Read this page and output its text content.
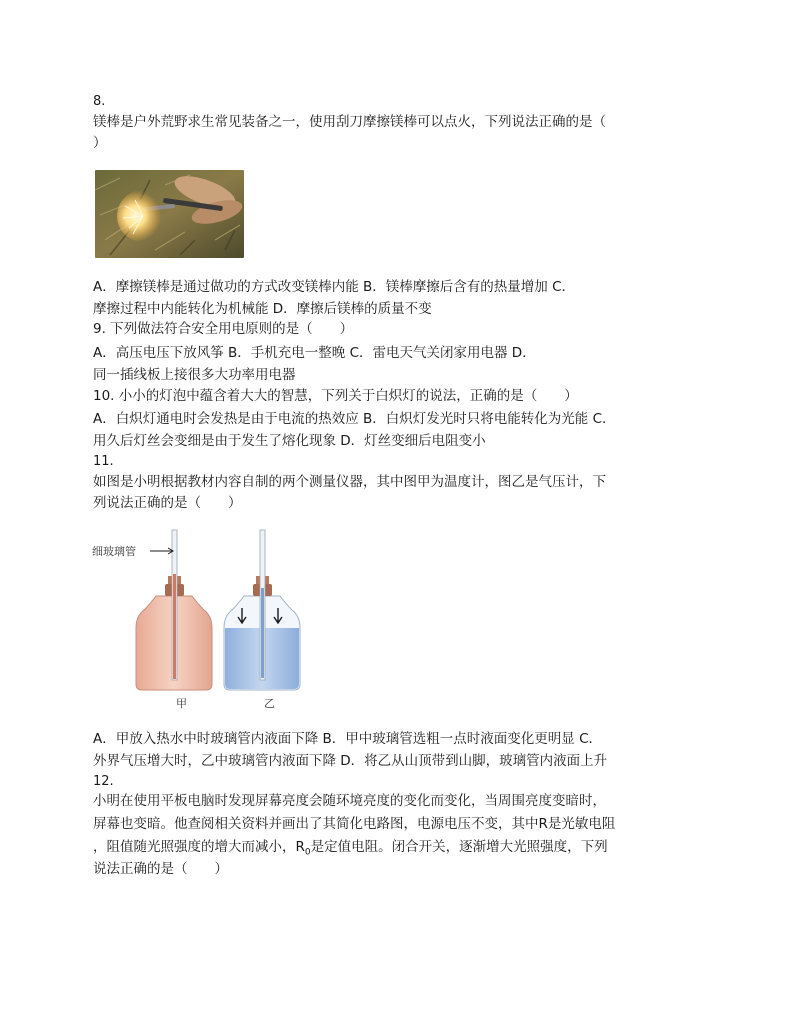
8.
镁棒是户外荒野求生常见装备之一，使用刮刀摩擦镁棒可以点火，下列说法正确的是（
）
A．摩擦镁棒是通过做功的方式改变镁棒内能 B．镁棒摩擦后含有的热量增加 C．
摩擦过程中内能转化为机械能 D．摩擦后镁棒的质量不变
9. 下列做法符合安全用电原则的是（　　）
A．高压电压下放风筝 B．手机充电一整晚 C．雷电天气关闭家用电器 D．
同一插线板上接很多大功率用电器
10. 小小的灯泡中蕴含着大大的智慧，下列关于白炽灯的说法，正确的是（　　）
A．白炽灯通电时会发热是由于电流的热效应 B．白炽灯发光时只将电能转化为光能 C．
用久后灯丝会变细是由于发生了熔化现象 D．灯丝变细后电阻变小
11.
如图是小明根据教材内容自制的两个测量仪器，其中图甲为温度计，图乙是气压计，下
列说法正确的是（　　）
细玻璃管
甲	乙
A．甲放入热水中时玻璃管内液面下降 B．甲中玻璃管选粗一点时液面变化更明显 C．
外界气压增大时，乙中玻璃管内液面下降 D．将乙从山顶带到山脚，玻璃管内液面上升
12.
小明在使用平板电脑时发现屏幕亮度会随环境亮度的变化而变化，当周围亮度变暗时，
屏幕也变暗。他查阅相关资料并画出了其简化电路图，电源电压不变，其中R是光敏电阻
，阻值随光照强度的增大而减小，$R_0$是定值电阻。闭合开关，逐渐增大光照强度，下列
说法正确的是（　　）
